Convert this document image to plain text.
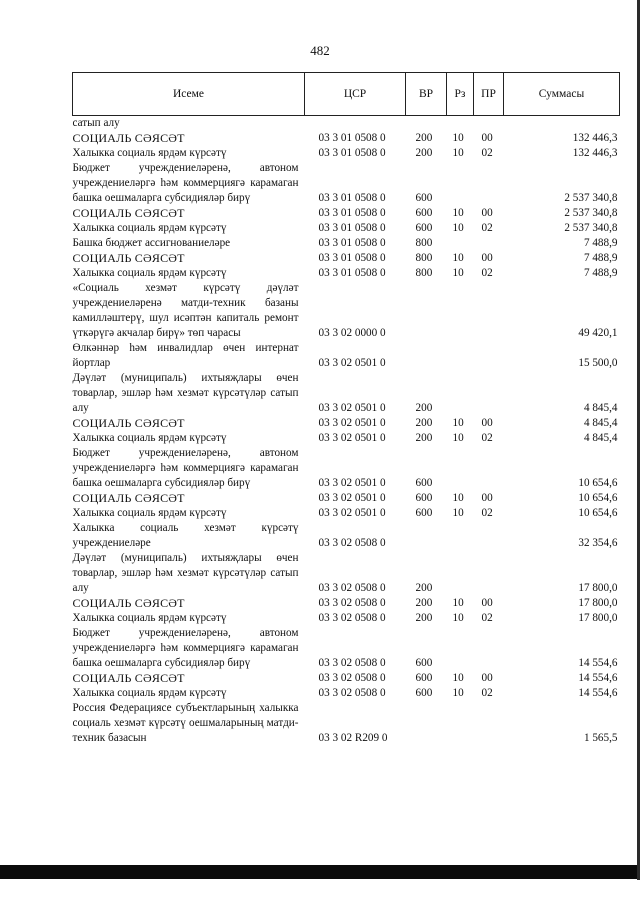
482
Исеме	ЦСР	ВР	Рз	ПР	Суммасы
сатып алу					
СОЦИАЛЬ СӘЯСӘТ	03 3 01 0508 0	200	10	00	132 446,3
Халыкка социаль ярдәм күрсәтү	03 3 01 0508 0	200	10	02	132 446,3
Бюджет учреждениеләренә, автоном учреждениеләргә һәм коммерциягә карамаган башка оешмаларга субсидияләр бирү	03 3 01 0508 0	600			2 537 340,8
СОЦИАЛЬ СӘЯСӘТ	03 3 01 0508 0	600	10	00	2 537 340,8
Халыкка социаль ярдәм күрсәтү	03 3 01 0508 0	600	10	02	2 537 340,8
Башка бюджет ассигнованиеләре	03 3 01 0508 0	800			7 488,9
СОЦИАЛЬ СӘЯСӘТ	03 3 01 0508 0	800	10	00	7 488,9
Халыкка социаль ярдәм күрсәтү	03 3 01 0508 0	800	10	02	7 488,9
«Социаль хезмәт күрсәтү дәүләт учреждениеләренә матди-техник базаны камилләштерү, шул исәптән капиталь ремонт үткәрүгә акчалар бирү» төп чарасы	03 3 02 0000 0				49 420,1
Өлкәннәр һәм инвалидлар өчен интернат йортлар	03 3 02 0501 0				15 500,0
Дәүләт (муниципаль) ихтыяҗлары өчен товарлар, эшләр һәм хезмәт күрсәтүләр сатып алу	03 3 02 0501 0	200			4 845,4
СОЦИАЛЬ СӘЯСӘТ	03 3 02 0501 0	200	10	00	4 845,4
Халыкка социаль ярдәм күрсәтү	03 3 02 0501 0	200	10	02	4 845,4
Бюджет учреждениеләренә, автоном учреждениеләргә һәм коммерциягә карамаган башка оешмаларга субсидияләр бирү	03 3 02 0501 0	600			10 654,6
СОЦИАЛЬ СӘЯСӘТ	03 3 02 0501 0	600	10	00	10 654,6
Халыкка социаль ярдәм күрсәтү	03 3 02 0501 0	600	10	02	10 654,6
Халыкка социаль хезмәт күрсәтү учреждениеләре	03 3 02 0508 0				32 354,6
Дәүләт (муниципаль) ихтыяҗлары өчен товарлар, эшләр һәм хезмәт күрсәтүләр сатып алу	03 3 02 0508 0	200			17 800,0
СОЦИАЛЬ СӘЯСӘТ	03 3 02 0508 0	200	10	00	17 800,0
Халыкка социаль ярдәм күрсәтү	03 3 02 0508 0	200	10	02	17 800,0
Бюджет учреждениеләренә, автоном учреждениеләргә һәм коммерциягә карамаган башка оешмаларга субсидияләр бирү	03 3 02 0508 0	600			14 554,6
СОЦИАЛЬ СӘЯСӘТ	03 3 02 0508 0	600	10	00	14 554,6
Халыкка социаль ярдәм күрсәтү	03 3 02 0508 0	600	10	02	14 554,6
Россия Федерациясе субъектларының халыкка социаль хезмәт күрсәтү оешмаларының матди-техник базасын	03 3 02 R209 0				1 565,5
